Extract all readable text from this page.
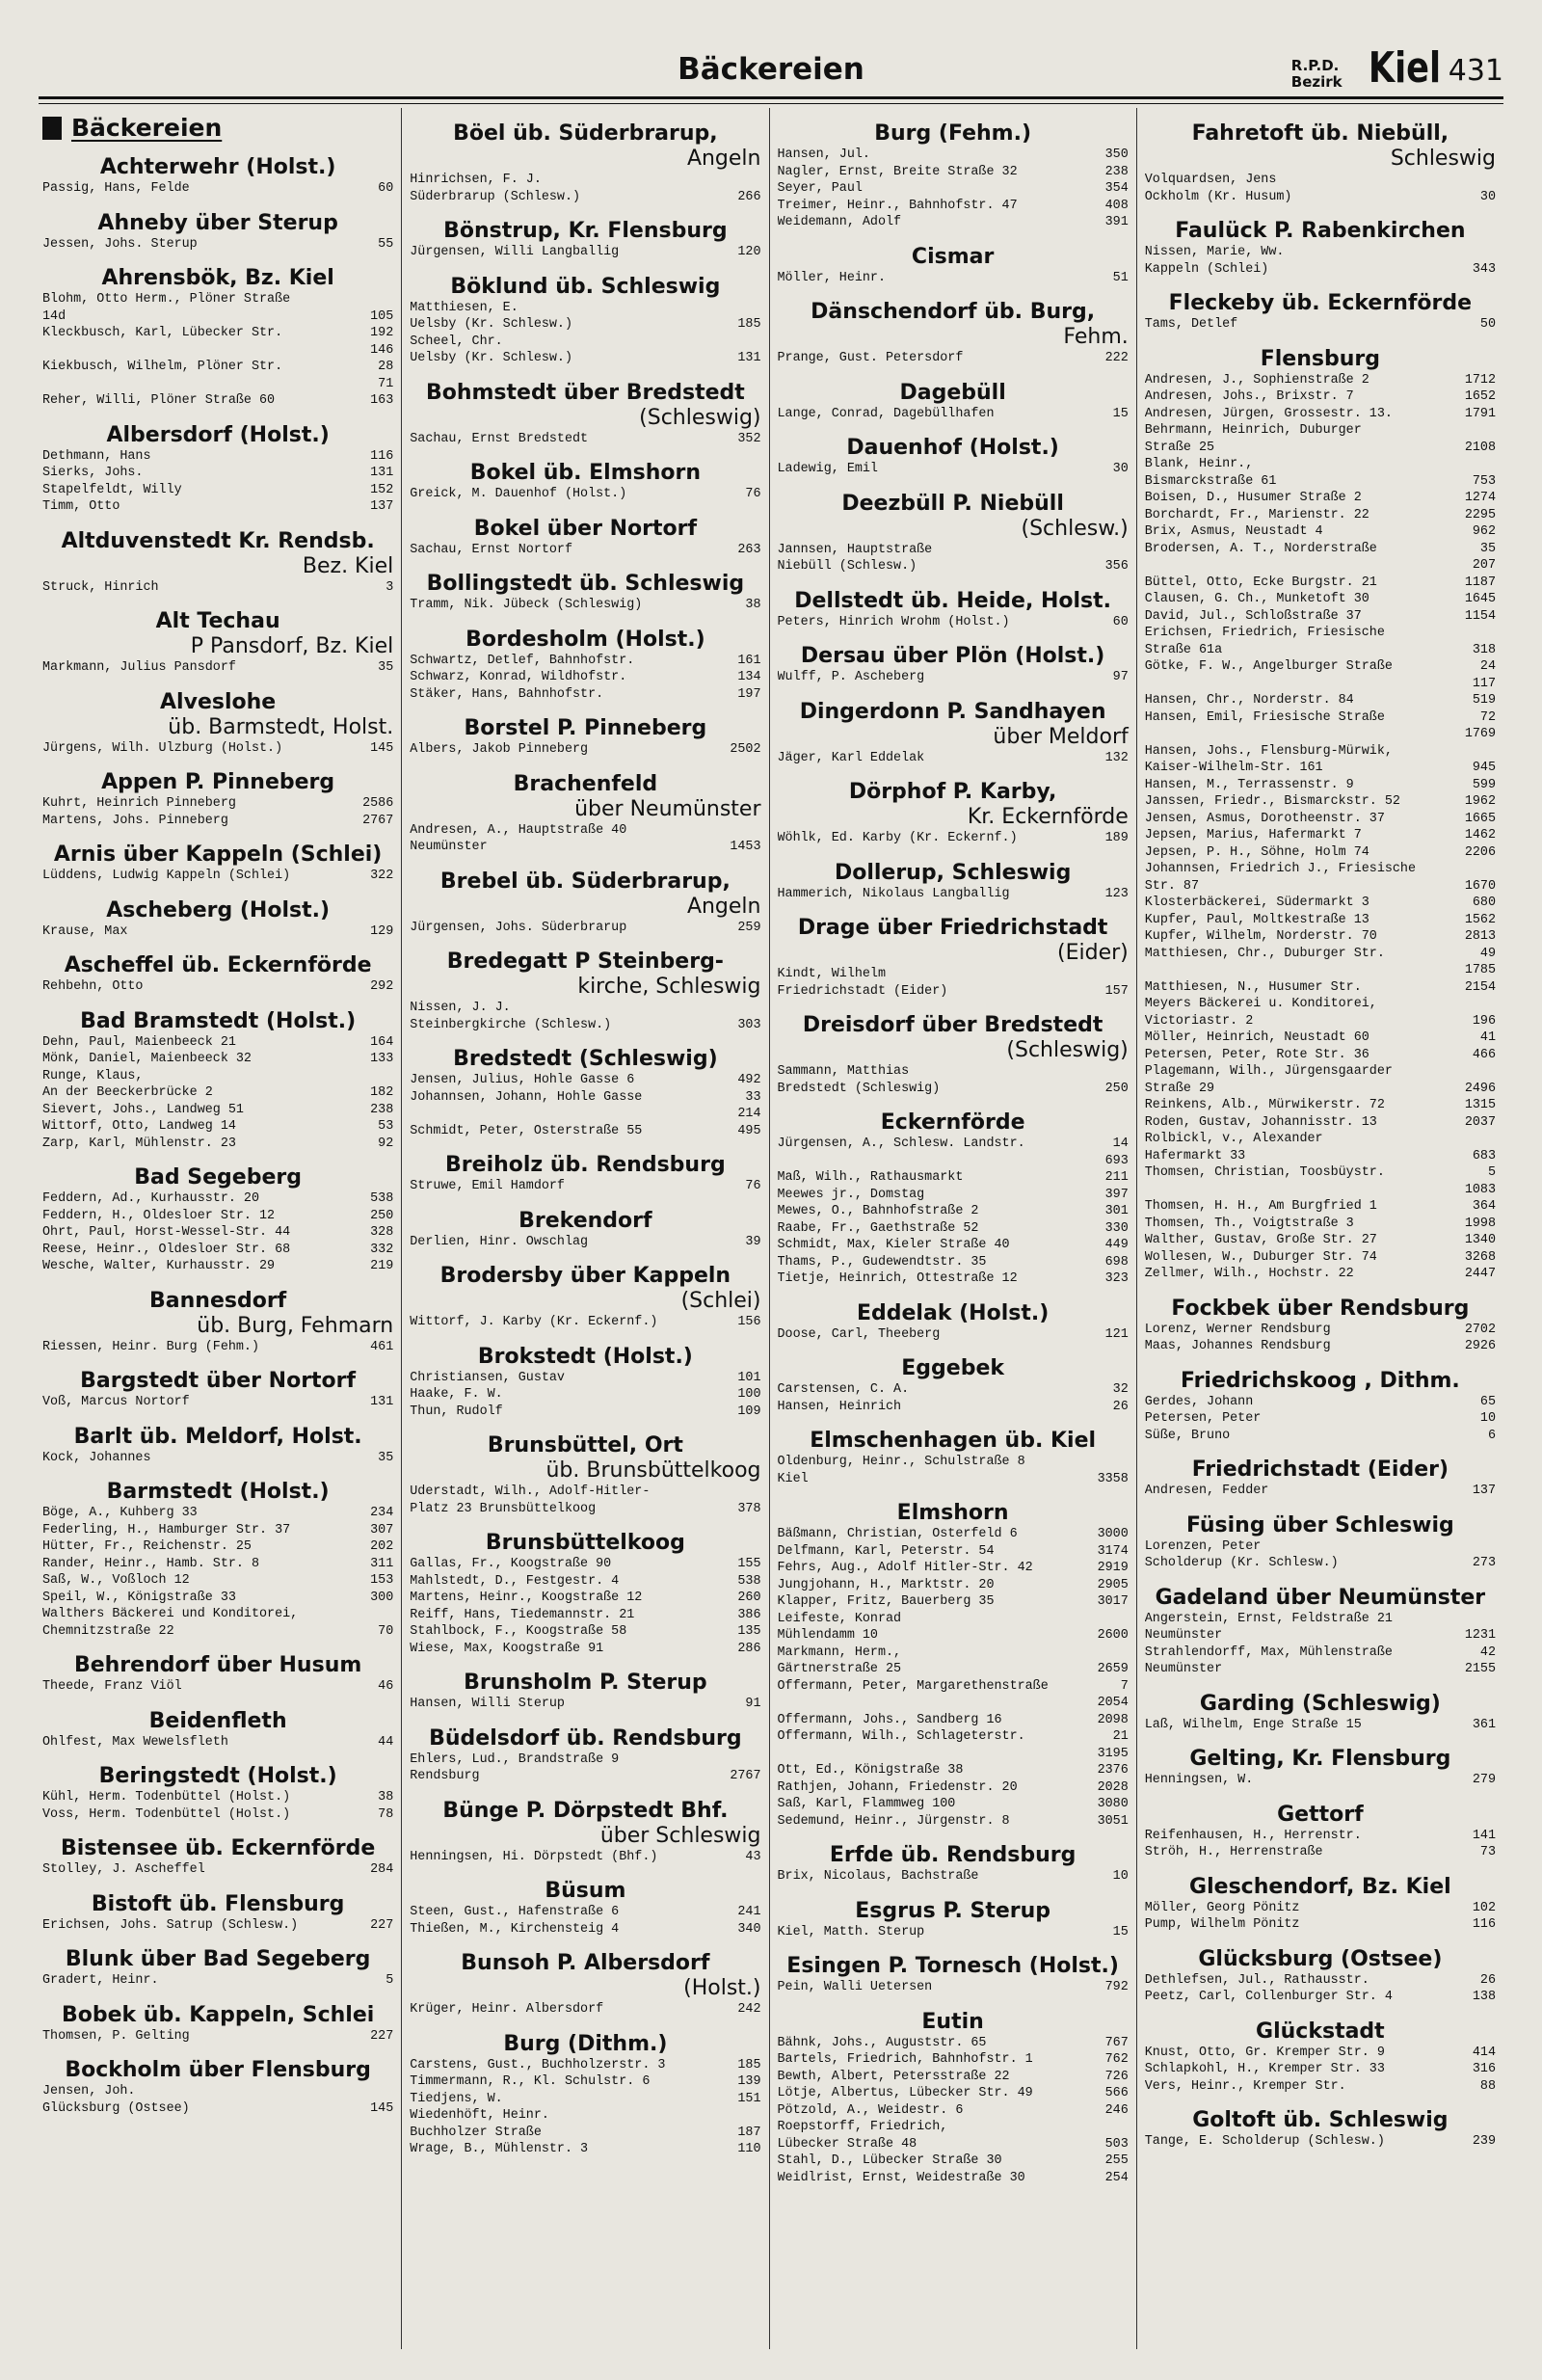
Bäckereien	R.P.D.
Bezirk Kiel 431
Bäckereien
Achterwehr (Holst.)
Passig, Hans, Felde	60
Ahneby über Sterup
Jessen, Johs. Sterup	55
Ahrensbök, Bz. Kiel
Blohm, Otto Herm., Plöner Straße
14d	105
Kleckbusch, Karl, Lübecker Str.	192
146
Kiekbusch, Wilhelm, Plöner Str.	28
71
Reher, Willi, Plöner Straße 60	163
Albersdorf (Holst.)
Dethmann, Hans	116
Sierks, Johs.	131
Stapelfeldt, Willy	152
Timm, Otto	137
Altduvenstedt Kr. Rendsb.
Bez. Kiel
Struck, Hinrich	3
Alt Techau
P Pansdorf, Bz. Kiel
Markmann, Julius Pansdorf	35
Alveslohe
üb. Barmstedt, Holst.
Jürgens, Wilh. Ulzburg (Holst.)	145
Appen P. Pinneberg
Kuhrt, Heinrich Pinneberg	2586
Martens, Johs. Pinneberg	2767
Arnis über Kappeln (Schlei)
Lüddens, Ludwig Kappeln (Schlei)	322
Ascheberg (Holst.)
Krause, Max	129
Ascheffel üb. Eckernförde
Rehbehn, Otto	292
Bad Bramstedt (Holst.)
Dehn, Paul, Maienbeeck 21	164
Mönk, Daniel, Maienbeeck 32	133
Runge, Klaus,
An der Beeckerbrücke 2	182
Sievert, Johs., Landweg 51	238
Wittorf, Otto, Landweg 14	53
Zarp, Karl, Mühlenstr. 23	92
Bad Segeberg
Feddern, Ad., Kurhausstr. 20	538
Feddern, H., Oldesloer Str. 12	250
Ohrt, Paul, Horst-Wessel-Str. 44	328
Reese, Heinr., Oldesloer Str. 68	332
Wesche, Walter, Kurhausstr. 29	219
Bannesdorf
üb. Burg, Fehmarn
Riessen, Heinr. Burg (Fehm.)	461
Bargstedt über Nortorf
Voß, Marcus Nortorf	131
Barlt üb. Meldorf, Holst.
Kock, Johannes	35
Barmstedt (Holst.)
Böge, A., Kuhberg 33	234
Federling, H., Hamburger Str. 37	307
Hütter, Fr., Reichenstr. 25	202
Rander, Heinr., Hamb. Str. 8	311
Saß, W., Voßloch 12	153
Speil, W., Königstraße 33	300
Walthers Bäckerei und Konditorei,
Chemnitzstraße 22	70
Behrendorf über Husum
Theede, Franz Viöl	46
Beidenfleth
Ohlfest, Max Wewelsfleth	44
Beringstedt (Holst.)
Kühl, Herm. Todenbüttel (Holst.)	38
Voss, Herm. Todenbüttel (Holst.)	78
Bistensee üb. Eckernförde
Stolley, J. Ascheffel	284
Bistoft üb. Flensburg
Erichsen, Johs. Satrup (Schlesw.)	227
Blunk über Bad Segeberg
Gradert, Heinr.	5
Bobek üb. Kappeln, Schlei
Thomsen, P. Gelting	227
Bockholm über Flensburg
Jensen, Joh.
Glücksburg (Ostsee)	145
Böel üb. Süderbrarup,
Angeln
Hinrichsen, F. J.
Süderbrarup (Schlesw.)	266
Bönstrup, Kr. Flensburg
Jürgensen, Willi Langballig	120
Böklund üb. Schleswig
Matthiesen, E.
Uelsby (Kr. Schlesw.)	185
Scheel, Chr.
Uelsby (Kr. Schlesw.)	131
Bohmstedt über Bredstedt
(Schleswig)
Sachau, Ernst Bredstedt	352
Bokel üb. Elmshorn
Greick, M. Dauenhof (Holst.)	76
Bokel über Nortorf
Sachau, Ernst Nortorf	263
Bollingstedt üb. Schleswig
Tramm, Nik. Jübeck (Schleswig)	38
Bordesholm (Holst.)
Schwartz, Detlef, Bahnhofstr.	161
Schwarz, Konrad, Wildhofstr.	134
Stäker, Hans, Bahnhofstr.	197
Borstel P. Pinneberg
Albers, Jakob Pinneberg	2502
Brachenfeld
über Neumünster
Andresen, A., Hauptstraße 40
Neumünster	1453
Brebel üb. Süderbrarup,
Angeln
Jürgensen, Johs. Süderbrarup	259
Bredegatt P Steinberg-
kirche, Schleswig
Nissen, J. J.
Steinbergkirche (Schlesw.)	303
Bredstedt (Schleswig)
Jensen, Julius, Hohle Gasse 6	492
Johannsen, Johann, Hohle Gasse	33
214
Schmidt, Peter, Osterstraße 55	495
Breiholz üb. Rendsburg
Struwe, Emil Hamdorf	76
Brekendorf
Derlien, Hinr. Owschlag	39
Brodersby über Kappeln
(Schlei)
Wittorf, J. Karby (Kr. Eckernf.)	156
Brokstedt (Holst.)
Christiansen, Gustav	101
Haake, F. W.	100
Thun, Rudolf	109
Brunsbüttel, Ort
üb. Brunsbüttelkoog
Uderstadt, Wilh., Adolf-Hitler-
Platz 23 Brunsbüttelkoog	378
Brunsbüttelkoog
Gallas, Fr., Koogstraße 90	155
Mahlstedt, D., Festgestr. 4	538
Martens, Heinr., Koogstraße 12	260
Reiff, Hans, Tiedemannstr. 21	386
Stahlbock, F., Koogstraße 58	135
Wiese, Max, Koogstraße 91	286
Brunsholm P. Sterup
Hansen, Willi Sterup	91
Büdelsdorf üb. Rendsburg
Ehlers, Lud., Brandstraße 9
Rendsburg	2767
Bünge P. Dörpstedt Bhf.
über Schleswig
Henningsen, Hi. Dörpstedt (Bhf.)	43
Büsum
Steen, Gust., Hafenstraße 6	241
Thießen, M., Kirchensteig 4	340
Bunsoh P. Albersdorf
(Holst.)
Krüger, Heinr. Albersdorf	242
Burg (Dithm.)
Carstens, Gust., Buchholzerstr. 3	185
Timmermann, R., Kl. Schulstr. 6	139
Tiedjens, W.	151
Wiedenhöft, Heinr.
Buchholzer Straße	187
Wrage, B., Mühlenstr. 3	110
Burg (Fehm.)
Hansen, Jul.	350
Nagler, Ernst, Breite Straße 32	238
Seyer, Paul	354
Treimer, Heinr., Bahnhofstr. 47	408
Weidemann, Adolf	391
Cismar
Möller, Heinr.	51
Dänschendorf üb. Burg,
Fehm.
Prange, Gust. Petersdorf	222
Dagebüll
Lange, Conrad, Dagebüllhafen	15
Dauenhof (Holst.)
Ladewig, Emil	30
Deezbüll P. Niebüll
(Schlesw.)
Jannsen, Hauptstraße
Niebüll (Schlesw.)	356
Dellstedt üb. Heide, Holst.
Peters, Hinrich Wrohm (Holst.)	60
Dersau über Plön (Holst.)
Wulff, P. Ascheberg	97
Dingerdonn P. Sandhayen
über Meldorf
Jäger, Karl Eddelak	132
Dörphof P. Karby,
Kr. Eckernförde
Wöhlk, Ed. Karby (Kr. Eckernf.)	189
Dollerup, Schleswig
Hammerich, Nikolaus Langballig	123
Drage über Friedrichstadt
(Eider)
Kindt, Wilhelm
Friedrichstadt (Eider)	157
Dreisdorf über Bredstedt
(Schleswig)
Sammann, Matthias
Bredstedt (Schleswig)	250
Eckernförde
Jürgensen, A., Schlesw. Landstr.	14
693
Maß, Wilh., Rathausmarkt	211
Meewes jr., Domstag	397
Mewes, O., Bahnhofstraße 2	301
Raabe, Fr., Gaethstraße 52	330
Schmidt, Max, Kieler Straße 40	449
Thams, P., Gudewendtstr. 35	698
Tietje, Heinrich, Ottestraße 12	323
Eddelak (Holst.)
Doose, Carl, Theeberg	121
Eggebek
Carstensen, C. A.	32
Hansen, Heinrich	26
Elmschenhagen üb. Kiel
Oldenburg, Heinr., Schulstraße 8
Kiel	3358
Elmshorn
Bäßmann, Christian, Osterfeld 6	3000
Delfmann, Karl, Peterstr. 54	3174
Fehrs, Aug., Adolf Hitler-Str. 42	2919
Jungjohann, H., Marktstr. 20	2905
Klapper, Fritz, Bauerberg 35	3017
Leifeste, Konrad
Mühlendamm 10	2600
Markmann, Herm.,
Gärtnerstraße 25	2659
Offermann, Peter, Margarethenstraße	7
2054
Offermann, Johs., Sandberg 16	2098
Offermann, Wilh., Schlageterstr.	21
3195
Ott, Ed., Königstraße 38	2376
Rathjen, Johann, Friedenstr. 20	2028
Saß, Karl, Flammweg 100	3080
Sedemund, Heinr., Jürgenstr. 8	3051
Erfde üb. Rendsburg
Brix, Nicolaus, Bachstraße	10
Esgrus P. Sterup
Kiel, Matth. Sterup	15
Esingen P. Tornesch (Holst.)
Pein, Walli Uetersen	792
Eutin
Bähnk, Johs., Auguststr. 65	767
Bartels, Friedrich, Bahnhofstr. 1	762
Bewth, Albert, Petersstraße 22	726
Lötje, Albertus, Lübecker Str. 49	566
Pötzold, A., Weidestr. 6	246
Roepstorff, Friedrich,
Lübecker Straße 48	503
Stahl, D., Lübecker Straße 30	255
Weidlrist, Ernst, Weidestraße 30	254
Fahretoft üb. Niebüll,
Schleswig
Volquardsen, Jens
Ockholm (Kr. Husum)	30
Faulück P. Rabenkirchen
Nissen, Marie, Ww.
Kappeln (Schlei)	343
Fleckeby üb. Eckernförde
Tams, Detlef	50
Flensburg
Andresen, J., Sophienstraße 2	1712
Andresen, Johs., Brixstr. 7	1652
Andresen, Jürgen, Grossestr. 13.	1791
Behrmann, Heinrich, Duburger
Straße 25	2108
Blank, Heinr.,
Bismarckstraße 61	753
Boisen, D., Husumer Straße 2	1274
Borchardt, Fr., Marienstr. 22	2295
Brix, Asmus, Neustadt 4	962
Brodersen, A. T., Norderstraße	35
207
Büttel, Otto, Ecke Burgstr. 21	1187
Clausen, G. Ch., Munketoft 30	1645
David, Jul., Schloßstraße 37	1154
Erichsen, Friedrich, Friesische
Straße 61a	318
Götke, F. W., Angelburger Straße	24
117
Hansen, Chr., Norderstr. 84	519
Hansen, Emil, Friesische Straße	72
1769
Hansen, Johs., Flensburg-Mürwik,
Kaiser-Wilhelm-Str. 161	945
Hansen, M., Terrassenstr. 9	599
Janssen, Friedr., Bismarckstr. 52	1962
Jensen, Asmus, Dorotheenstr. 37	1665
Jepsen, Marius, Hafermarkt 7	1462
Jepsen, P. H., Söhne, Holm 74	2206
Johannsen, Friedrich J., Friesische
Str. 87	1670
Klosterbäckerei, Südermarkt 3	680
Kupfer, Paul, Moltkestraße 13	1562
Kupfer, Wilhelm, Norderstr. 70	2813
Matthiesen, Chr., Duburger Str.	49
1785
Matthiesen, N., Husumer Str.	2154
Meyers Bäckerei u. Konditorei,
Victoriastr. 2	196
Möller, Heinrich, Neustadt 60	41
Petersen, Peter, Rote Str. 36	466
Plagemann, Wilh., Jürgensgaarder
Straße 29	2496
Reinkens, Alb., Mürwikerstr. 72	1315
Roden, Gustav, Johannisstr. 13	2037
Rolbickl, v., Alexander
Hafermarkt 33	683
Thomsen, Christian, Toosbüystr.	5
1083
Thomsen, H. H., Am Burgfried 1	364
Thomsen, Th., Voigtstraße 3	1998
Walther, Gustav, Große Str. 27	1340
Wollesen, W., Duburger Str. 74	3268
Zellmer, Wilh., Hochstr. 22	2447
Fockbek über Rendsburg
Lorenz, Werner Rendsburg	2702
Maas, Johannes Rendsburg	2926
Friedrichskoog , Dithm.
Gerdes, Johann	65
Petersen, Peter	10
Süße, Bruno	6
Friedrichstadt (Eider)
Andresen, Fedder	137
Füsing über Schleswig
Lorenzen, Peter
Scholderup (Kr. Schlesw.)	273
Gadeland über Neumünster
Angerstein, Ernst, Feldstraße 21
Neumünster	1231
Strahlendorff, Max, Mühlenstraße	42
Neumünster	2155
Garding (Schleswig)
Laß, Wilhelm, Enge Straße 15	361
Gelting, Kr. Flensburg
Henningsen, W.	279
Gettorf
Reifenhausen, H., Herrenstr.	141
Ströh, H., Herrenstraße	73
Gleschendorf, Bz. Kiel
Möller, Georg Pönitz	102
Pump, Wilhelm Pönitz	116
Glücksburg (Ostsee)
Dethlefsen, Jul., Rathausstr.	26
Peetz, Carl, Collenburger Str. 4	138
Glückstadt
Knust, Otto, Gr. Kremper Str. 9	414
Schlapkohl, H., Kremper Str. 33	316
Vers, Heinr., Kremper Str.	88
Goltoft üb. Schleswig
Tange, E. Scholderup (Schlesw.)	239
